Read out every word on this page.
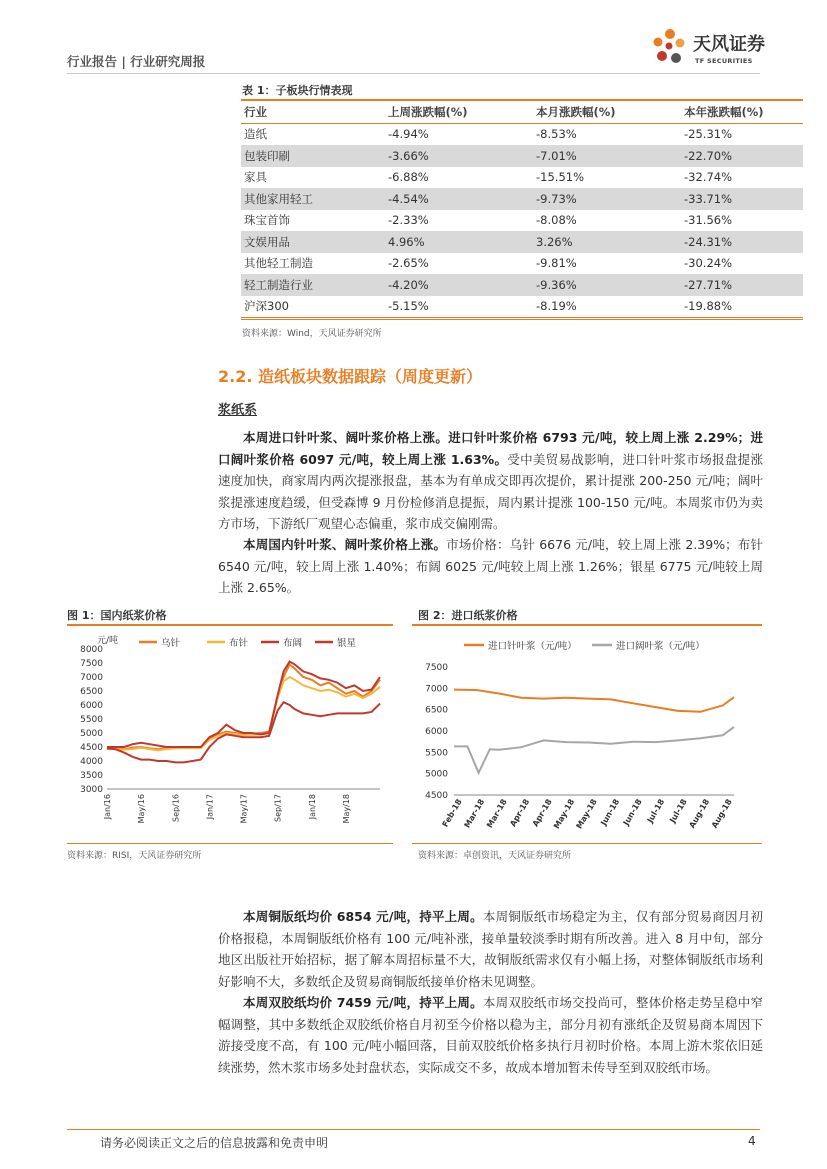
行业报告 | 行业研究周报
天风证券
TF SECURITIES
表 1：子板块行情表现
行业	上周涨跌幅(%)	本月涨跌幅(%)	本年涨跌幅(%)
造纸	-4.94%	-8.53%	-25.31%
包装印刷	-3.66%	-7.01%	-22.70%
家具	-6.88%	-15.51%	-32.74%
其他家用轻工	-4.54%	-9.73%	-33.71%
珠宝首饰	-2.33%	-8.08%	-31.56%
文娱用品	4.96%	3.26%	-24.31%
其他轻工制造	-2.65%	-9.81%	-30.24%
轻工制造行业	-4.20%	-9.36%	-27.71%
沪深300	-5.15%	-8.19%	-19.88%
资料来源：Wind，天风证券研究所
2.2. 造纸板块数据跟踪（周度更新）
浆纸系
本周进口针叶浆、阔叶浆价格上涨。进口针叶浆价格 6793 元/吨，较上周上涨 2.29%；进口阔叶浆价格 6097 元/吨，较上周上涨 1.63%。受中美贸易战影响，进口针叶浆市场报盘提涨速度加快，商家周内两次提涨报盘，基本为有单成交即再次提价，累计提涨 200-250 元/吨；阔叶浆提涨速度趋缓，但受森博 9 月份检修消息提振，周内累计提涨 100-150 元/吨。本周浆市仍为卖方市场，下游纸厂观望心态偏重，浆市成交偏刚需。
本周国内针叶浆、阔叶浆价格上涨。市场价格：乌针 6676 元/吨，较上周上涨 2.39%；布针 6540 元/吨，较上周上涨 1.40%；布阔 6025 元/吨较上周上涨 1.26%；银星 6775 元/吨较上周上涨 2.65%。
图 1：国内纸浆价格
元/吨
3000
3500
4000
4500
5000
5500
6000
6500
7000
7500
8000
Jan/16	May/16	Sep/16	Jan/17	May/17	Sep/17	Jan/18	May/18
乌针	布针	布阔	银星
资料来源：RISI，天风证券研究所
图 2：进口纸浆价格
4500
5000
5500
6000
6500
7000
7500
Feb-18
Mar-18
Mar-18 Apr-18 Apr-18
May-18
May-18 Jun-18 Jun-18 Jul-18 Jul-18
Aug-18
Aug-18
进口针叶浆（元/吨）	进口阔叶浆（元/吨）
资料来源：卓创资讯，天风证券研究所
本周铜版纸均价 6854 元/吨，持平上周。本周铜版纸市场稳定为主，仅有部分贸易商因月初价格报稳，本周铜版纸价格有 100 元/吨补涨，接单量较淡季时期有所改善。进入 8 月中旬，部分地区出版社开始招标，据了解本周招标量不大，故铜版纸需求仅有小幅上扬，对整体铜版纸市场利好影响不大，多数纸企及贸易商铜版纸接单价格未见调整。
本周双胶纸均价 7459 元/吨，持平上周。本周双胶纸市场交投尚可，整体价格走势呈稳中窄幅调整，其中多数纸企双胶纸价格自月初至今价格以稳为主，部分月初有涨纸企及贸易商本周因下游接受度不高，有 100 元/吨小幅回落，目前双胶纸价格多执行月初时价格。本周上游木浆依旧延续涨势，然木浆市场多处封盘状态，实际成交不多，故成本增加暂未传导至到双胶纸市场。
请务必阅读正文之后的信息披露和免责申明	4
